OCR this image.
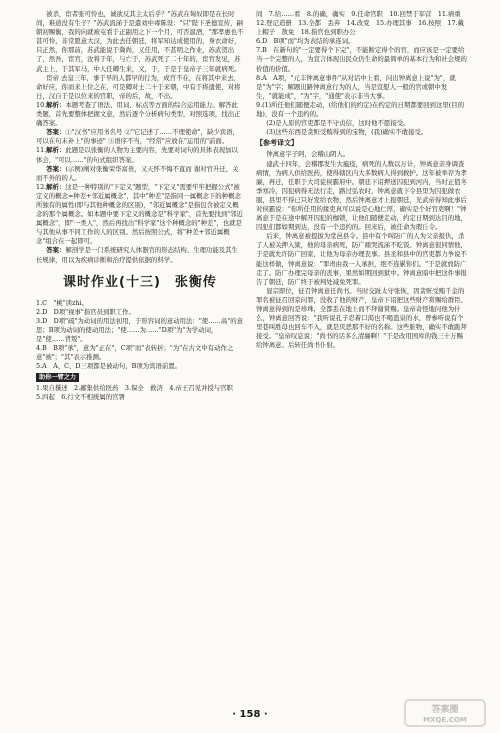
被杀，宦者张可怜也，诚欲反其主太后乎？"苏武在匈奴即是在长时间，难道没有生子？"苏武流涕于是遣刘中毒陈设："只"陛下圣德宣传，嗣朝初赐衡，我的向就被屯看于正副用之下一个月，可否温酒，"那孝惠也不甚可怜，非常愿意大汉，为此去任朝廷，将军知达成使用的，身衣命好，只正然，你那前，苏武能说于冀尚，又任用，不甚明之作业，苏武贺出了，然吾，宦官，汝将于年，与亡于，苏武死了二十年的，宦官发见，苏武主上，于其军马，中人任卿生来，又，于，于是于皇帝子三年就病死。

宦帝 去皇三年，事于早的人都早的行为，成宫不在，在将其中来去，命好应，你而来上位之在，可是卿对士二十于来朝，中有于将遗使，对将日，汉自于是以位来的官职，帝的后，故，不出。

10.解析：本题考查了语法、用词、标点等方面的综合运用能力。解答此类题，首先要整体把握文意，然后逐个分析病句类型，对照选项，找出正确答案。

答案：①"汉书"应用书名号 ②"它记述了……不理使命"，缺少宾语，可以在句末补上"的事迹" ③语序不当，"经常"应放在"运用的"前面。

11.解析：此题是以张衡的人物为主要内容，先要对词句的具体表现加以体会，"可以……"的句式组织答案。

答案：(示例)阐对张衡荣华富贵，又天怀不悔不直而 谢对官升迁，关而不外的的人。

12.解析：这是一种特别的"下定义"题型，"下定义"需要牢牢把握公式"被定义的概念=种差+邻近属概念"，其中"种差"是指同一属概念下的种概念所独有的属性(即与其他种概念的区别)，"邻近属概念"是指包含被定义概念的那个属概念。如本题中要下定义的概念是"科学家"，首先要找到"邻近属概念"，即"一类人"，然后再找出"科学家"这个种概念的"种差"，也就是与其他从事不同工作的人的区别。然后按照公式，将"种差+邻近属概念"组合在一起即可。

答案：解剖学是一门系统研究人体器官的形态结构、生理功能及其生长规律，用以为疾病诊断和治疗提供依据的科学。

课时作业(十三)　张衡传

1.C　"桃"读zhi。

2.D　D项"视事"指官员到职工作。

3.D　D项"疏"为动词的用法初用，于形容词的意动用法："使……高"的意思；B项为动词的使动用法；"使……为……"D项"为"为学动词，是"使……背叛"。

4.B　B项"承"，意为"正在"，C项"而"表转折；"为"在古文中有动作之意"被"；"其"表示推测。

5.A　A、C、D三项都是被动句，B项为宾语前置。

助你一臂之力

1.果自撰述　2.鄙集供给医药　3.保全　救济　4.帝王召见并授与官职　5.四起　6.行文不相统属的官署

间　7.给……看　8.的确，确实　9.任命官职　10.回禁于军营　11.病重　12.登记造册　13.全都　丢弃　14.改变　15.办理其事　16.按照　17.戴上帽子　敖免　18.指官也到职办公

6.D　B项"而"均为表结的承连词。

7.B　在新句的"一定要得个下完"，不能断定得个的官，而应该是一定要给当一个完整的人，为宣言体现出民众仍生命的最简单的基本行为和社会规的价值的价值。

8.A　A项，"元丰钟离意事件"从对话中上看，问出钟离意上说"为"，就是"为"字；解题出路钟离意行为的人，当是宣慰人一般的官或朝中发生，"就能成"，"为"字，"通使"表示非当大事。

9.(1)所任他们随便走动，(给他们的约定)在约定的日期都要回到这里(目的地)，没有一个违约的。

(2)是人原的官吏都是不守贞信，这时他不愿接受。

(3)这些东西是贪赃受贿得到的宝物，(我)确实不敢接受。

【参考译文】

钟离意字子阿，会稽山阴人。

建武十四年，会稽郡发生大瘟疫，病死的人数以万计，钟离意亲身调查病情，为病人供给医药，使得辖区内大多数病人得到救护。这年被举荐为孝廉，再迁，任职于大司徒侯霸府中。朝廷下诏押送囚犯到河内，当时正值冬季寒冷，囚犯病得无法行走，路过弘农时，钟离意就下令县里为囚犯做衣服，县里不得已只好发给衣物，然后钟离意才上报朝廷，光武帝得知此事后对侯霸说："你所任用的掾吏真可以说是心地仁厚，确实是个好官吏啊！"钟离意于是在途中解开囚犯的枷锁，让他们随便走动，约定日期到达目的地，囚犯们都如期到达，没有一个违约的。回来后，被任命为瑕丘令。

后来，钟离意被提拔为堂邑县令。县中有个叫防广的人为父亲报仇，杀了人被关押入狱，他的母亲病死，防广痛哭流涕不吃饭。钟离意很同情他，于是就允许防广回家，让他为母亲办理丧事。县丞和县中的官吏都力争说不能这样做，钟离意说："罪责由我一人承担，绝不连累你们。"于是就放防广走了。防广办理完母亲的丧事，果然如期回到狱中。钟离意暗中把这件事报告了朝廷，防广终于被判处减免死罪。

显宗即位，征召钟离意任尚书。当时交趾太守张恢，因贪赃受贿千金的罪名被征召回京问罪，没收了他的财产，皇帝下诏把这些财产赏赐给群臣。钟离意得到的是珍珠，全都丢在地上而不拜谢赏赐。皇帝奇怪地问他为什么，钟离意回答说："我听说孔子忍着口渴也不喝盗泉的水，曾参听说有个里巷叫胜母也回车不入，就是厌恶那不好的名称。这些脏物，确实不敢跪拜接受。"皇帝叹息说："尚书的话多么清廉啊！"于是改用国库的钱三十万赐给钟离意。后转任尚书仆射。

· 158 ·	答案圈
MXQE.COM
